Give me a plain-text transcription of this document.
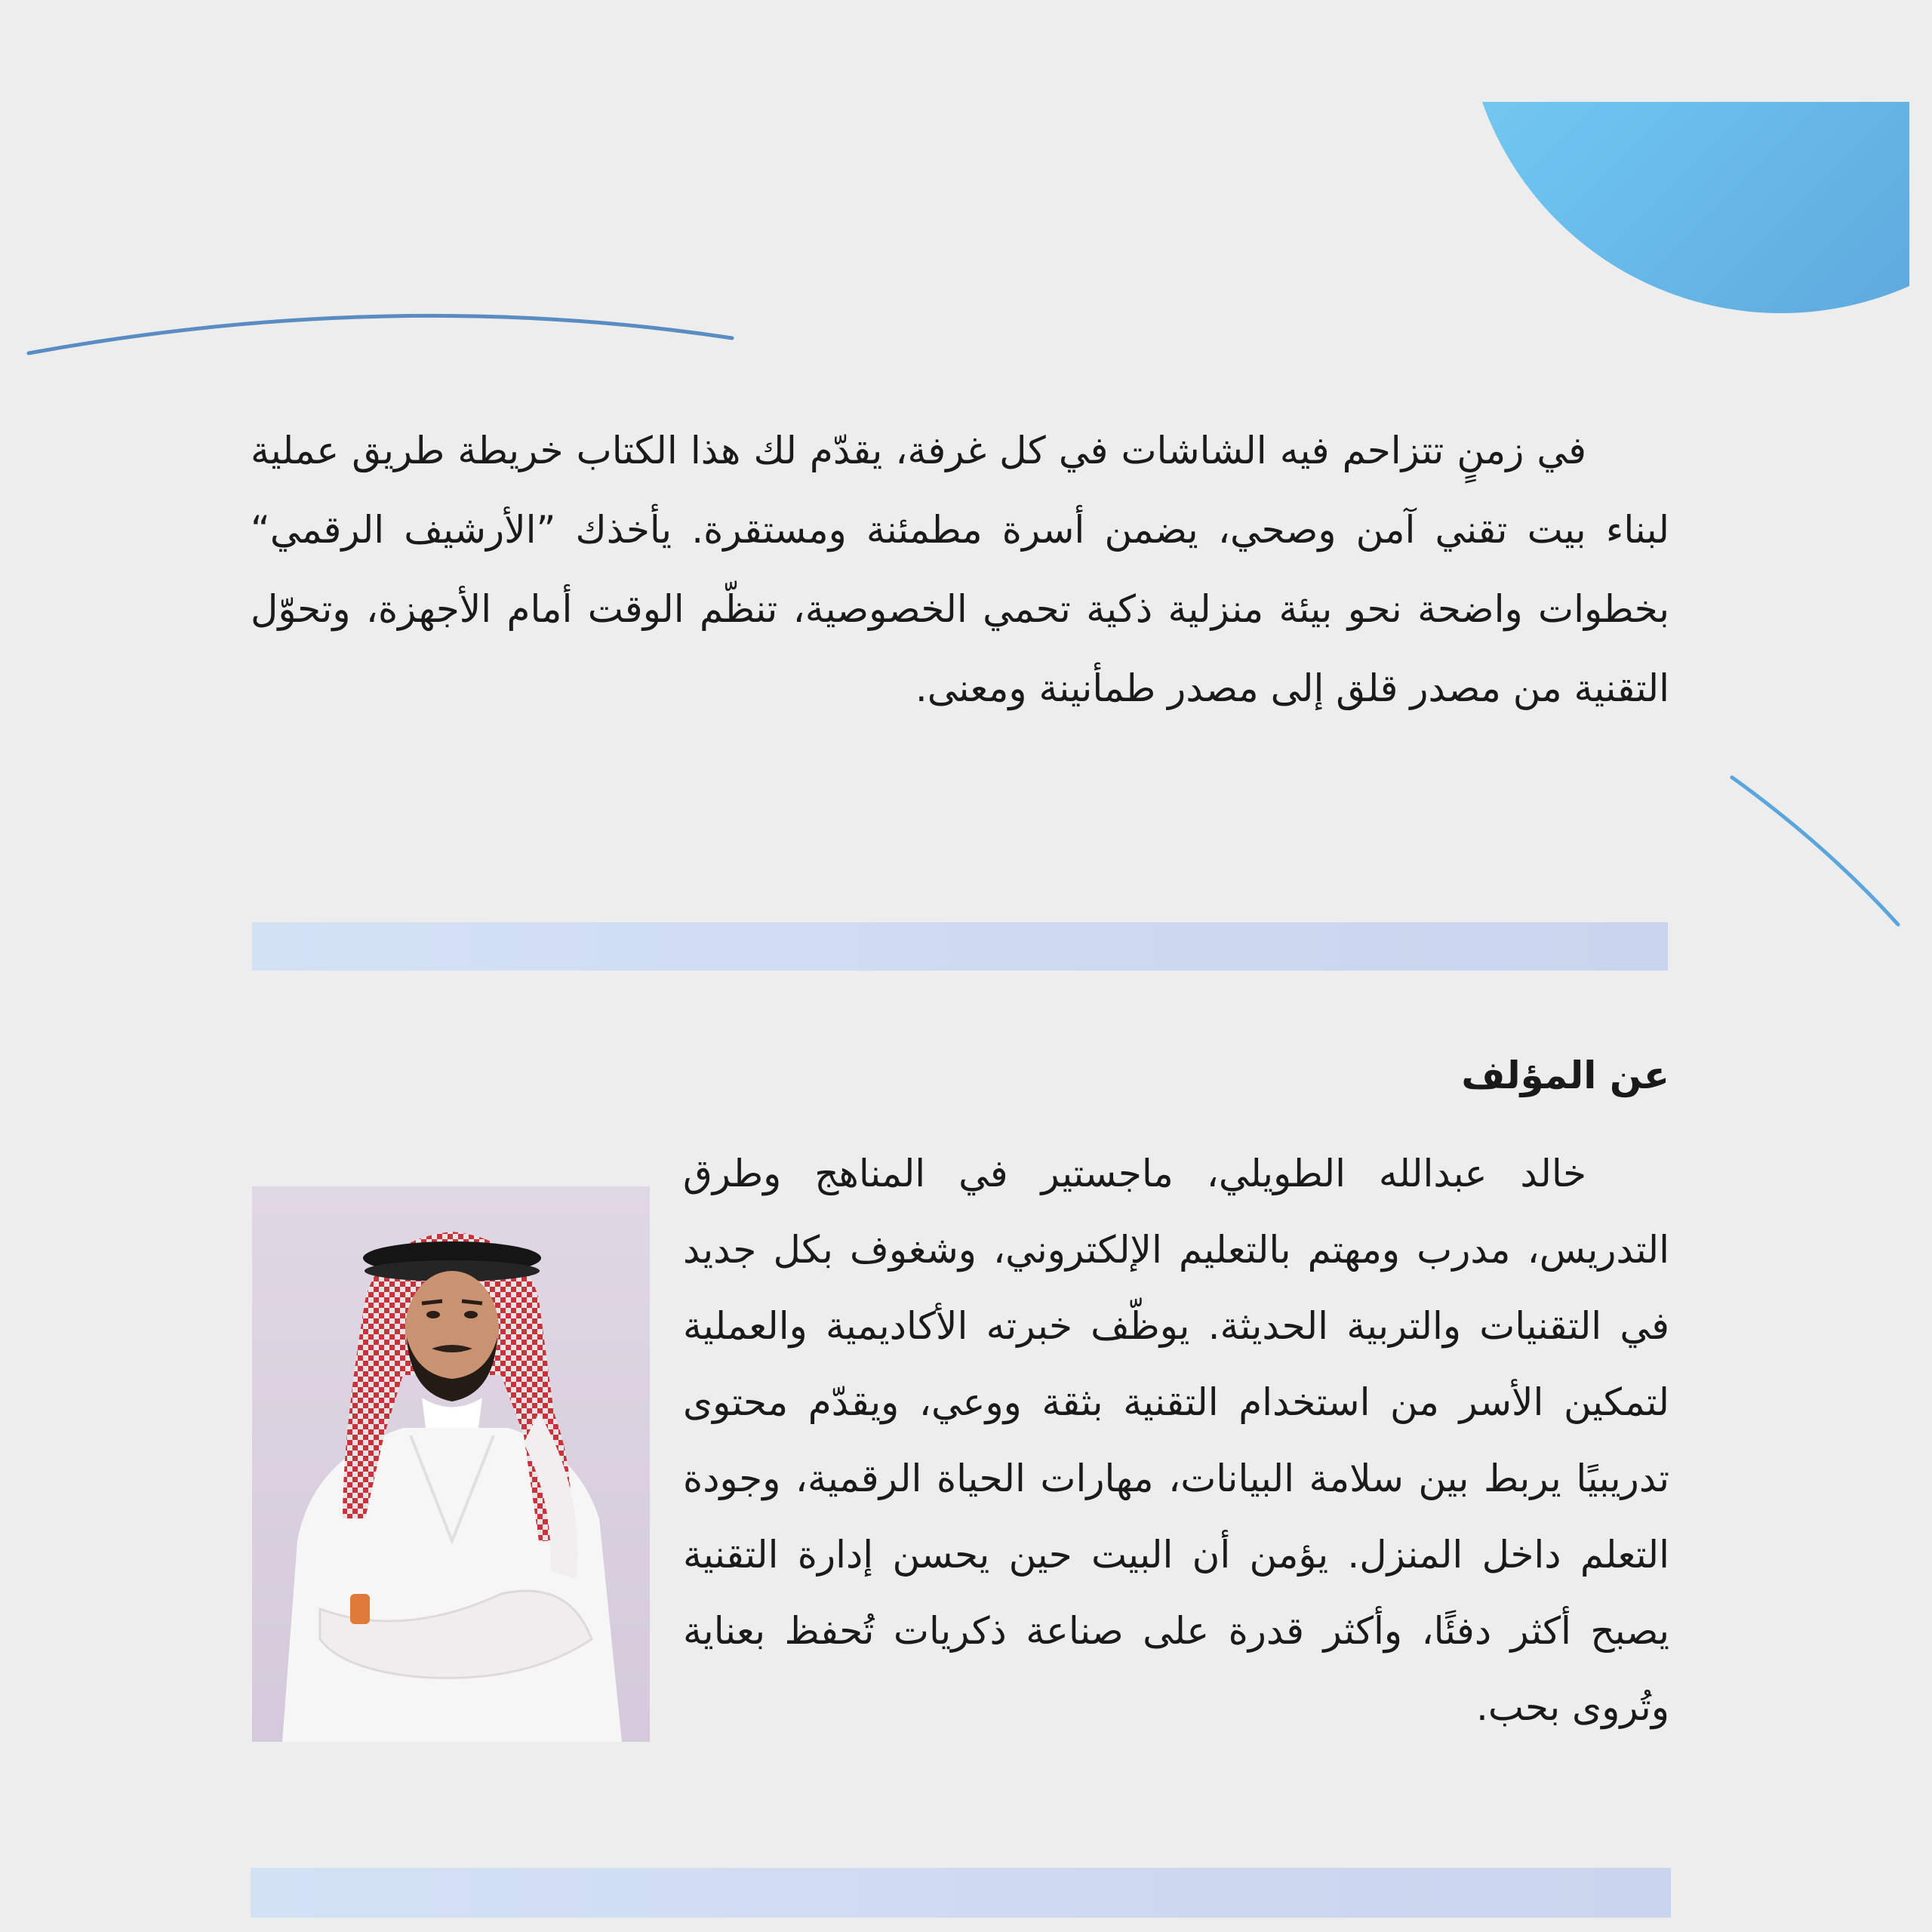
في زمنٍ تتزاحم فيه الشاشات في كل غرفة، يقدّم لك هذا الكتاب خريطة طريق عملية لبناء بيت تقني آمن وصحي، يضمن أسرة مطمئنة ومستقرة. يأخذك ”الأرشيف الرقمي“ بخطوات واضحة نحو بيئة منزلية ذكية تحمي الخصوصية، تنظّم الوقت أمام الأجهزة، وتحوّل التقنية من مصدر قلق إلى مصدر طمأنينة ومعنى.

عن المؤلف

خالد عبدالله الطويلي، ماجستير في المناهج وطرق التدريس، مدرب ومهتم بالتعليم الإلكتروني، وشغوف بكل جديد في التقنيات والتربية الحديثة. يوظّف خبرته الأكاديمية والعملية لتمكين الأسر من استخدام التقنية بثقة ووعي، ويقدّم محتوى تدريبيًا يربط بين سلامة البيانات، مهارات الحياة الرقمية، وجودة التعلم داخل المنزل. يؤمن أن البيت حين يحسن إدارة التقنية يصبح أكثر دفئًا، وأكثر قدرة على صناعة ذكريات تُحفظ بعناية وتُروى بحب.
